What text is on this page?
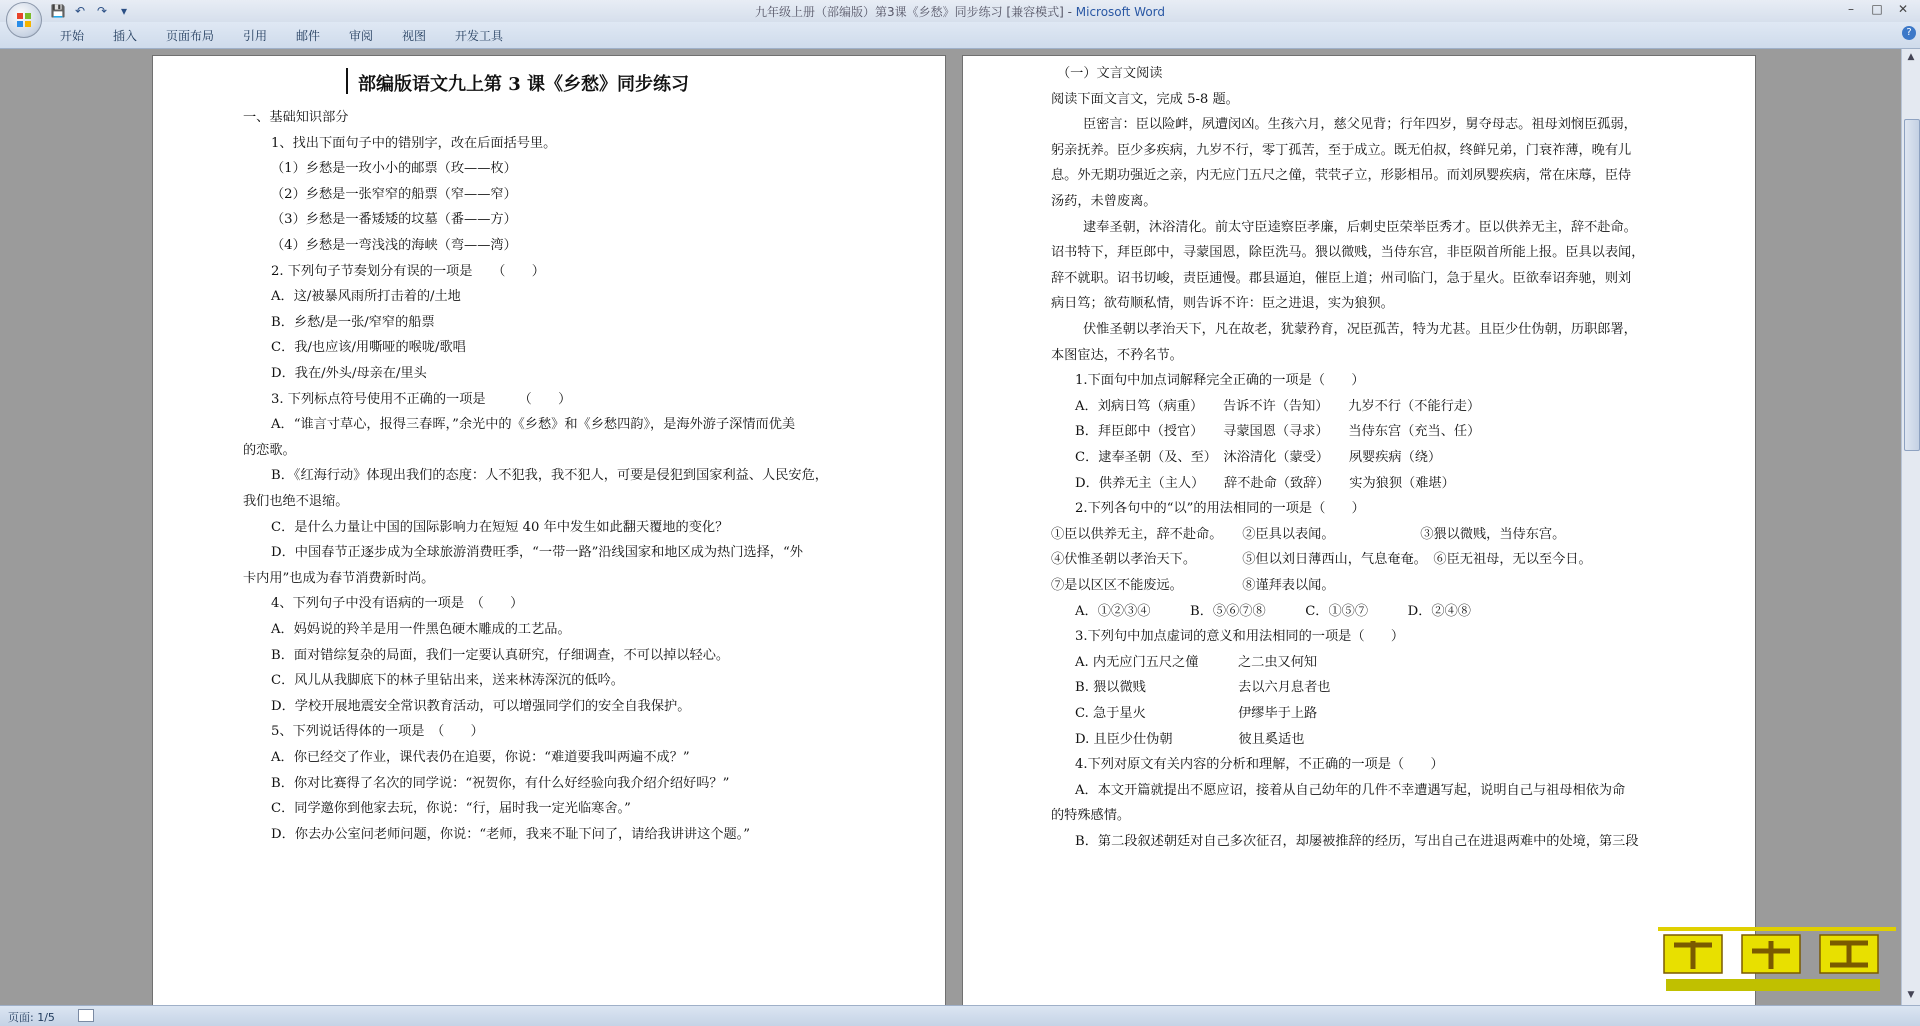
九年级上册（部编版）第3课《乡愁》同步练习 [兼容模式] - Microsoft Word
💾 ↶ ↷	▾	–	□	✕
开始 插入 页面布局 引用 邮件 审阅 视图 开发工具	?
部编版语文九上第 3 课《乡愁》同步练习
一、基础知识部分
1、找出下面句子中的错别字，改在后面括号里。
（1）乡愁是一玫小小的邮票（玫——枚）
（2）乡愁是一张窄窄的船票（窄——窄）
（3）乡愁是一番矮矮的坟墓（番——方）
（4）乡愁是一弯浅浅的海峡（弯——湾）
2. 下列句子节奏划分有误的一项是　　（　　）
A．这/被暴风雨所打击着的/土地
B．乡愁/是一张/窄窄的船票
C．我/也应该/用嘶哑的喉咙/歌唱
D．我在/外头/母亲在/里头
3. 下列标点符号使用不正确的一项是　　　（　　）
A．“谁言寸草心，报得三春晖，”余光中的《乡愁》和《乡愁四韵》，是海外游子深情而优美
的恋歌。
B．《红海行动》体现出我们的态度：人不犯我，我不犯人，可要是侵犯到国家利益、人民安危，
我们也绝不退缩。
C．是什么力量让中国的国际影响力在短短 40 年中发生如此翻天覆地的变化？
D．中国春节正逐步成为全球旅游消费旺季，“一带一路”沿线国家和地区成为热门选择，“外
卡内用”也成为春节消费新时尚。
4、下列句子中没有语病的一项是　（　　）
A．妈妈说的羚羊是用一件黑色硬木雕成的工艺品。
B．面对错综复杂的局面，我们一定要认真研究，仔细调查，不可以掉以轻心。
C．风儿从我脚底下的林子里钻出来，送来林涛深沉的低吟。
D．学校开展地震安全常识教育活动，可以增强同学们的安全自我保护。
5、下列说话得体的一项是　（　　）
A．你已经交了作业，课代表仍在追要，你说：“难道要我叫两遍不成？”
B．你对比赛得了名次的同学说：“祝贺你，有什么好经验向我介绍介绍好吗？”
C．同学邀你到他家去玩，你说：“行，届时我一定光临寒舍。”
D．你去办公室问老师问题，你说：“老师，我来不耻下问了，请给我讲讲这个题。”
（一）文言文阅读
阅读下面文言文，完成 5-8 题。
臣密言：臣以险衅，夙遭闵凶。生孩六月，慈父见背；行年四岁，舅夺母志。祖母刘悯臣孤弱，
躬亲抚养。臣少多疾病，九岁不行，零丁孤苦，至于成立。既无伯叔，终鲜兄弟，门衰祚薄，晚有儿
息。外无期功强近之亲，内无应门五尺之僮，茕茕孑立，形影相吊。而刘夙婴疾病，常在床蓐，臣侍
汤药，未曾废离。
逮奉圣朝，沐浴清化。前太守臣逵察臣孝廉，后刺史臣荣举臣秀才。臣以供养无主，辞不赴命。
诏书特下，拜臣郎中，寻蒙国恩，除臣洗马。猥以微贱，当侍东宫，非臣陨首所能上报。臣具以表闻，
辞不就职。诏书切峻，责臣逋慢。郡县逼迫，催臣上道；州司临门，急于星火。臣欲奉诏奔驰，则刘
病日笃；欲苟顺私情，则告诉不许：臣之进退，实为狼狈。
伏惟圣朝以孝治天下，凡在故老，犹蒙矜育，况臣孤苦，特为尤甚。且臣少仕伪朝，历职郎署，
本图宦达，不矜名节。
1.下面句中加点词解释完全正确的一项是（　　）
A．刘病日笃（病重）　　告诉不许（告知）　　九岁不行（不能行走）
B．拜臣郎中（授官）　　寻蒙国恩（寻求）　　当侍东宫（充当、任）
C．逮奉圣朝（及、至）　沐浴清化（蒙受）　　夙婴疾病（绕）
D．供养无主（主人）　　辞不赴命（致辞）　　实为狼狈（难堪）
2.下列各句中的“以”的用法相同的一项是（　　）
①臣以供养无主，辞不赴命。　　②臣具以表闻。　　　　　　　③猥以微贱，当侍东宫。
④伏惟圣朝以孝治天下。　　　　⑤但以刘日薄西山，气息奄奄。　⑥臣无祖母，无以至今日。
⑦是以区区不能废远。　　　　　⑧谨拜表以闻。
A．①②③④　　　B．⑤⑥⑦⑧　　　C．①⑤⑦　　　D．②④⑧
3.下列句中加点虚词的意义和用法相同的一项是（　　）
A. 内无应门五尺之僮　　　之二虫又何知
B. 猥以微贱　　　　　　　去以六月息者也
C. 急于星火　　　　　　　伊缪毕于上路
D. 且臣少仕伪朝　　　　　彼且奚适也
4.下列对原文有关内容的分析和理解，不正确的一项是（　　）
A．本文开篇就提出不愿应诏，接着从自己幼年的几件不幸遭遇写起，说明自己与祖母相依为命
的特殊感情。
B．第二段叙述朝廷对自己多次征召，却屡被推辞的经历，写出自己在进退两难中的处境，第三段
▲
▼
页面: 1/5
